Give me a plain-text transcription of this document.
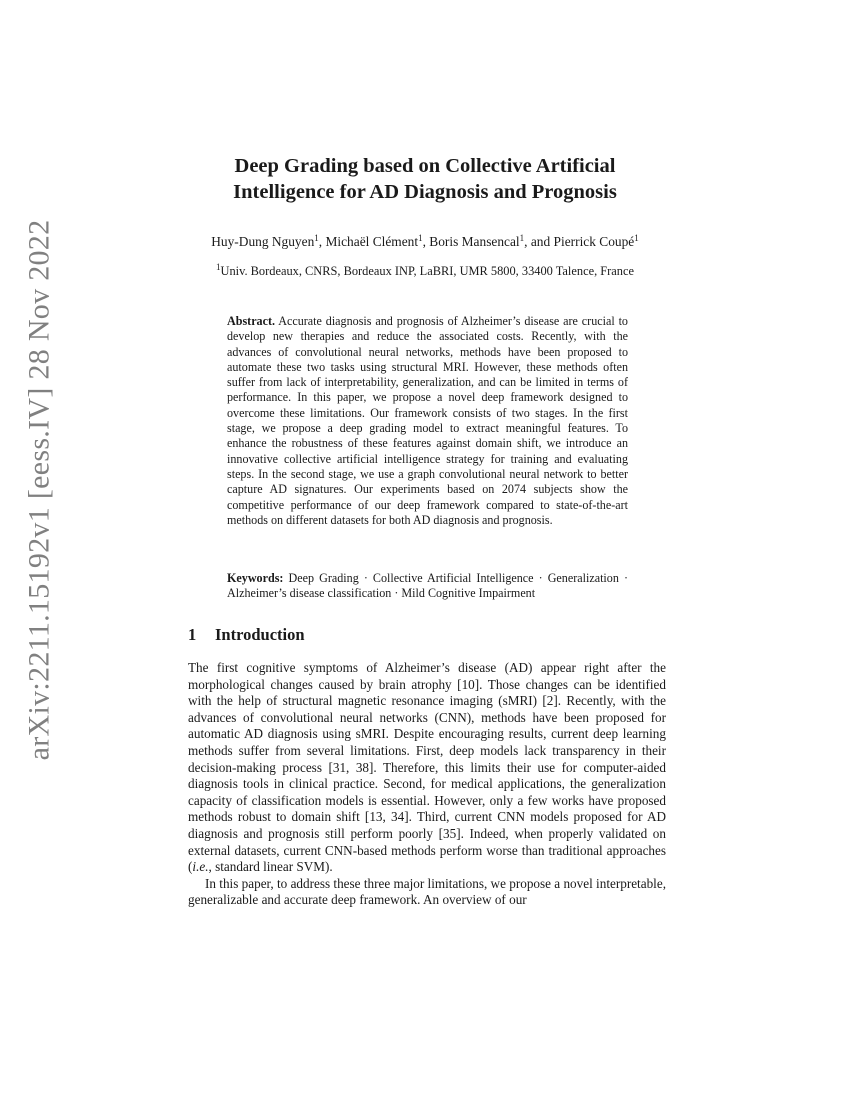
arXiv:2211.15192v1 [eess.IV] 28 Nov 2022
Deep Grading based on Collective Artificial
Intelligence for AD Diagnosis and Prognosis
Huy-Dung Nguyen$^1$, Michaël Clément$^1$, Boris Mansencal$^1$, and Pierrick Coupé$^1$
$^1$Univ. Bordeaux, CNRS, Bordeaux INP, LaBRI, UMR 5800, 33400 Talence, France
Abstract. Accurate diagnosis and prognosis of Alzheimer’s disease are crucial to develop new therapies and reduce the associated costs. Recently, with the advances of convolutional neural networks, methods have been proposed to automate these two tasks using structural MRI. However, these methods often suffer from lack of interpretability, generalization, and can be limited in terms of performance. In this paper, we propose a novel deep framework designed to overcome these limitations. Our framework consists of two stages. In the first stage, we propose a deep grading model to extract meaningful features. To enhance the robustness of these features against domain shift, we introduce an innovative collective artificial intelligence strategy for training and evaluating steps. In the second stage, we use a graph convolutional neural network to better capture AD signatures. Our experiments based on 2074 subjects show the competitive performance of our deep framework compared to state-of-the-art methods on different datasets for both AD diagnosis and prognosis.
Keywords: Deep Grading · Collective Artificial Intelligence · Generalization · Alzheimer’s disease classification · Mild Cognitive Impairment
1 Introduction

The first cognitive symptoms of Alzheimer’s disease (AD) appear right after the morphological changes caused by brain atrophy [10]. Those changes can be identified with the help of structural magnetic resonance imaging (sMRI) [2]. Recently, with the advances of convolutional neural networks (CNN), methods have been proposed for automatic AD diagnosis using sMRI. Despite encouraging results, current deep learning methods suffer from several limitations. First, deep models lack transparency in their decision-making process [31, 38]. Therefore, this limits their use for computer-aided diagnosis tools in clinical practice. Second, for medical applications, the generalization capacity of classification models is essential. However, only a few works have proposed methods robust to domain shift [13, 34]. Third, current CNN models proposed for AD diagnosis and prognosis still perform poorly [35]. Indeed, when properly validated on external datasets, current CNN-based methods perform worse than traditional approaches (i.e., standard linear SVM).

In this paper, to address these three major limitations, we propose a novel interpretable, generalizable and accurate deep framework. An overview of our
